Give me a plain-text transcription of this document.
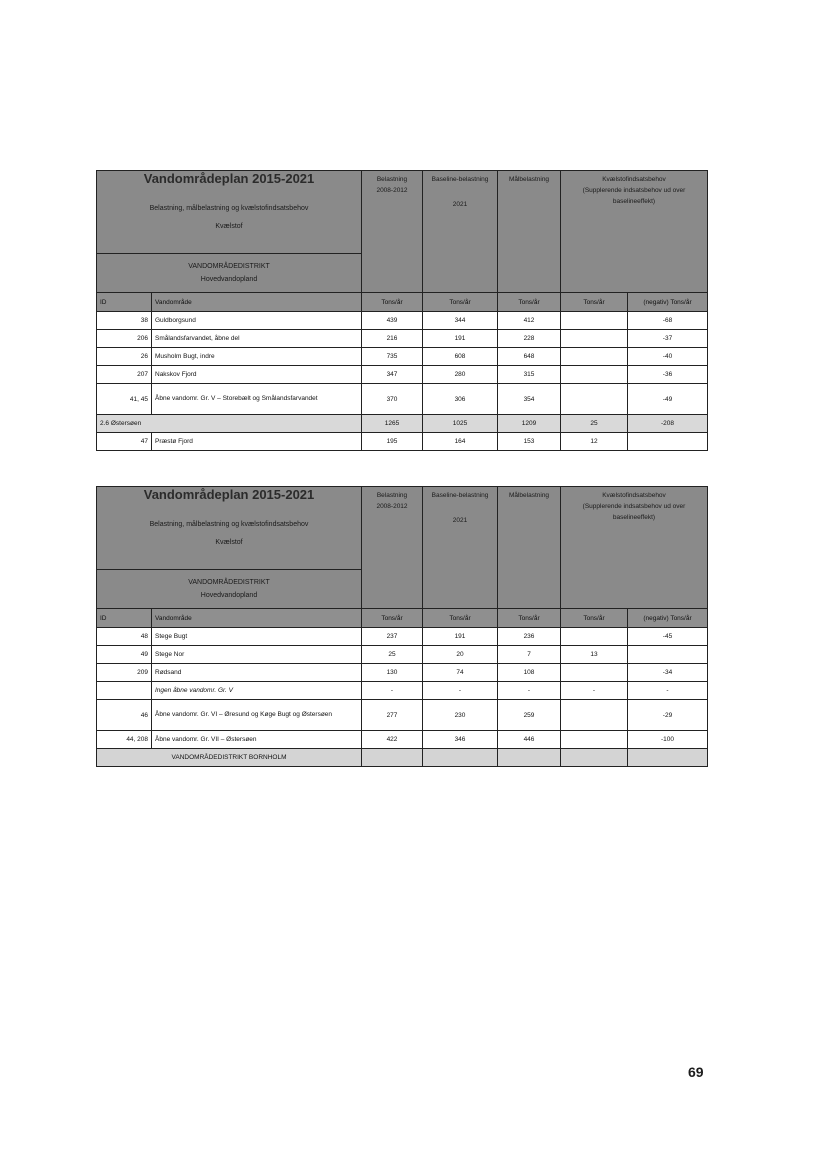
Vandområdeplan 2015-2021
Belastning, målbelastning og kvælstofindsatsbehov
Kvælstof		Belastning
2008-2012	Baseline-belastning
2021	Målbelastning	Kvælstofindsatsbehov
(Supplerende indsatsbehov ud over baselineeffekt)	
VANDOMRÅDEDISTRIKT
Hovedvandopland						
ID	Vandområde	Tons/år	Tons/år	Tons/år	Tons/år	(negativ) Tons/år
38	Guldborgsund	439	344	412		-68
206	Smålandsfarvandet, åbne del	216	191	228		-37
26	Musholm Bugt, indre	735	608	648		-40
207	Nakskov Fjord	347	280	315		-36
41, 45	Åbne vandomr. Gr. V – Storebælt og Smålandsfarvandet	370	306	354		-49
2.6 Østersøen		1265	1025	1209	25	-208
47	Præstø Fjord	195	164	153	12	
Vandområdeplan 2015-2021
Belastning, målbelastning og kvælstofindsatsbehov
Kvælstof		Belastning
2008-2012	Baseline-belastning
2021	Målbelastning	Kvælstofindsatsbehov
(Supplerende indsatsbehov ud over baselineeffekt)	
VANDOMRÅDEDISTRIKT
Hovedvandopland						
ID	Vandområde	Tons/år	Tons/år	Tons/år	Tons/år	(negativ) Tons/år
48	Stege Bugt	237	191	236		-45
49	Stege Nor	25	20	7	13	
209	Rødsand	130	74	108		-34
	Ingen åbne vandomr. Gr. V	-	-	-	-	-
46	Åbne vandomr. Gr. VI – Øresund og Køge Bugt og Østersøen	277	230	259		-29
44, 208	Åbne vandomr. Gr. VII – Østersøen	422	346	446		-100
VANDOMRÅDEDISTRIKT BORNHOLM						
69
